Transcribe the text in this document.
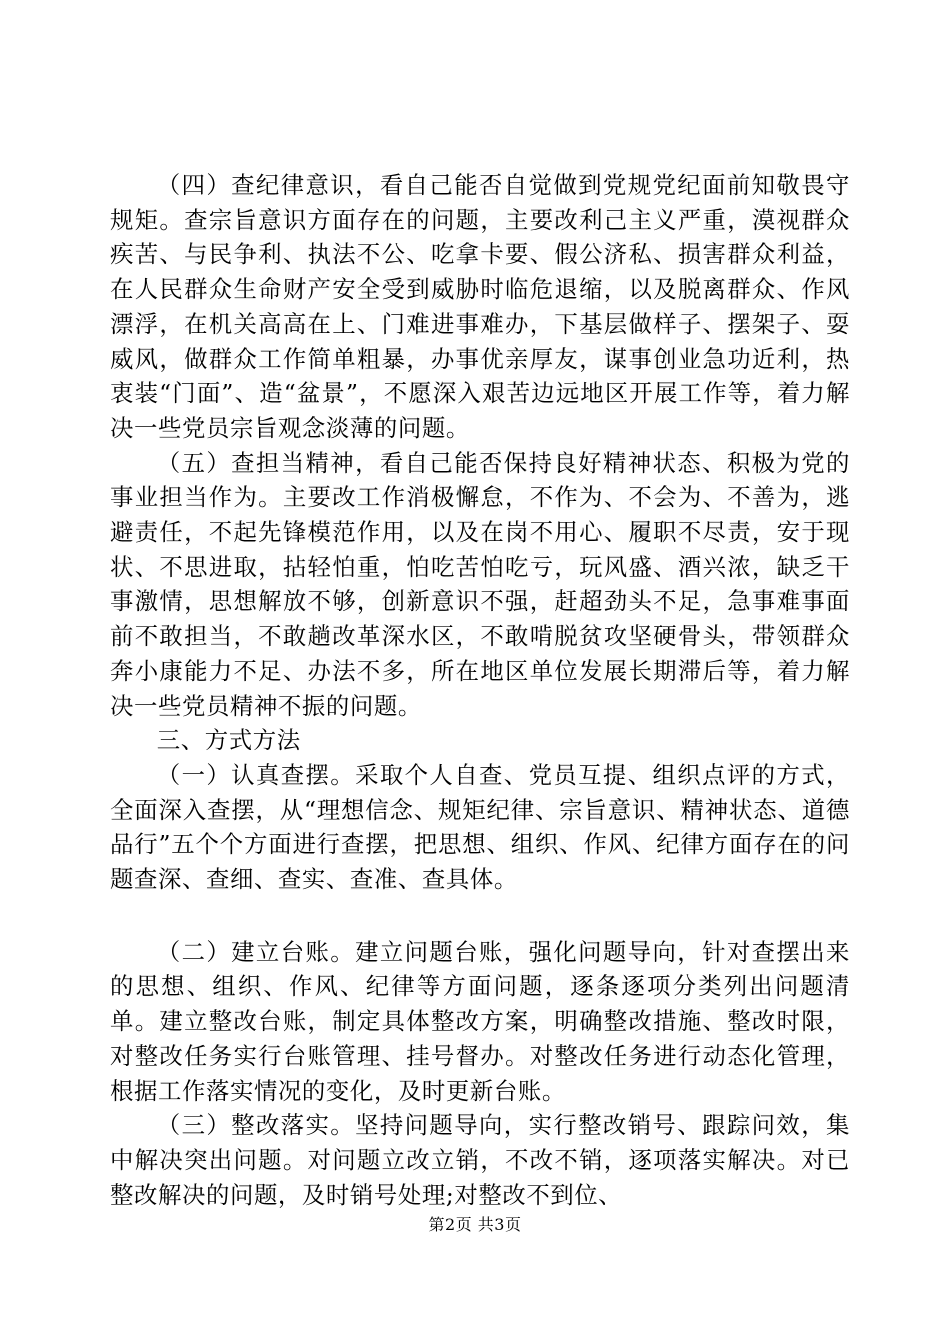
（四）查纪律意识，看自己能否自觉做到党规党纪面前知敬畏守规矩。查宗旨意识方面存在的问题，主要改利己主义严重，漠视群众疾苦、与民争利、执法不公、吃拿卡要、假公济私、损害群众利益，在人民群众生命财产安全受到威胁时临危退缩，以及脱离群众、作风漂浮，在机关高高在上、门难进事难办，下基层做样子、摆架子、耍威风，做群众工作简单粗暴，办事优亲厚友，谋事创业急功近利，热衷装“门面”、造“盆景”，不愿深入艰苦边远地区开展工作等，着力解决一些党员宗旨观念淡薄的问题。

（五）查担当精神，看自己能否保持良好精神状态、积极为党的事业担当作为。主要改工作消极懈怠，不作为、不会为、不善为，逃避责任，不起先锋模范作用，以及在岗不用心、履职不尽责，安于现状、不思进取，拈轻怕重，怕吃苦怕吃亏，玩风盛、酒兴浓，缺乏干事激情，思想解放不够，创新意识不强，赶超劲头不足，急事难事面前不敢担当，不敢趟改革深水区，不敢啃脱贫攻坚硬骨头，带领群众奔小康能力不足、办法不多，所在地区单位发展长期滞后等，着力解决一些党员精神不振的问题。

三、方式方法

（一）认真查摆。采取个人自查、党员互提、组织点评的方式，全面深入查摆，从“理想信念、规矩纪律、宗旨意识、精神状态、道德品行”五个个方面进行查摆，把思想、组织、作风、纪律方面存在的问题查深、查细、查实、查准、查具体。

（二）建立台账。建立问题台账，强化问题导向，针对查摆出来的思想、组织、作风、纪律等方面问题，逐条逐项分类列出问题清单。建立整改台账，制定具体整改方案，明确整改措施、整改时限，对整改任务实行台账管理、挂号督办。对整改任务进行动态化管理，根据工作落实情况的变化，及时更新台账。

（三）整改落实。坚持问题导向，实行整改销号、跟踪问效，集中解决突出问题。对问题立改立销，不改不销，逐项落实解决。对已整改解决的问题，及时销号处理;对整改不到位、

第2页 共3页
